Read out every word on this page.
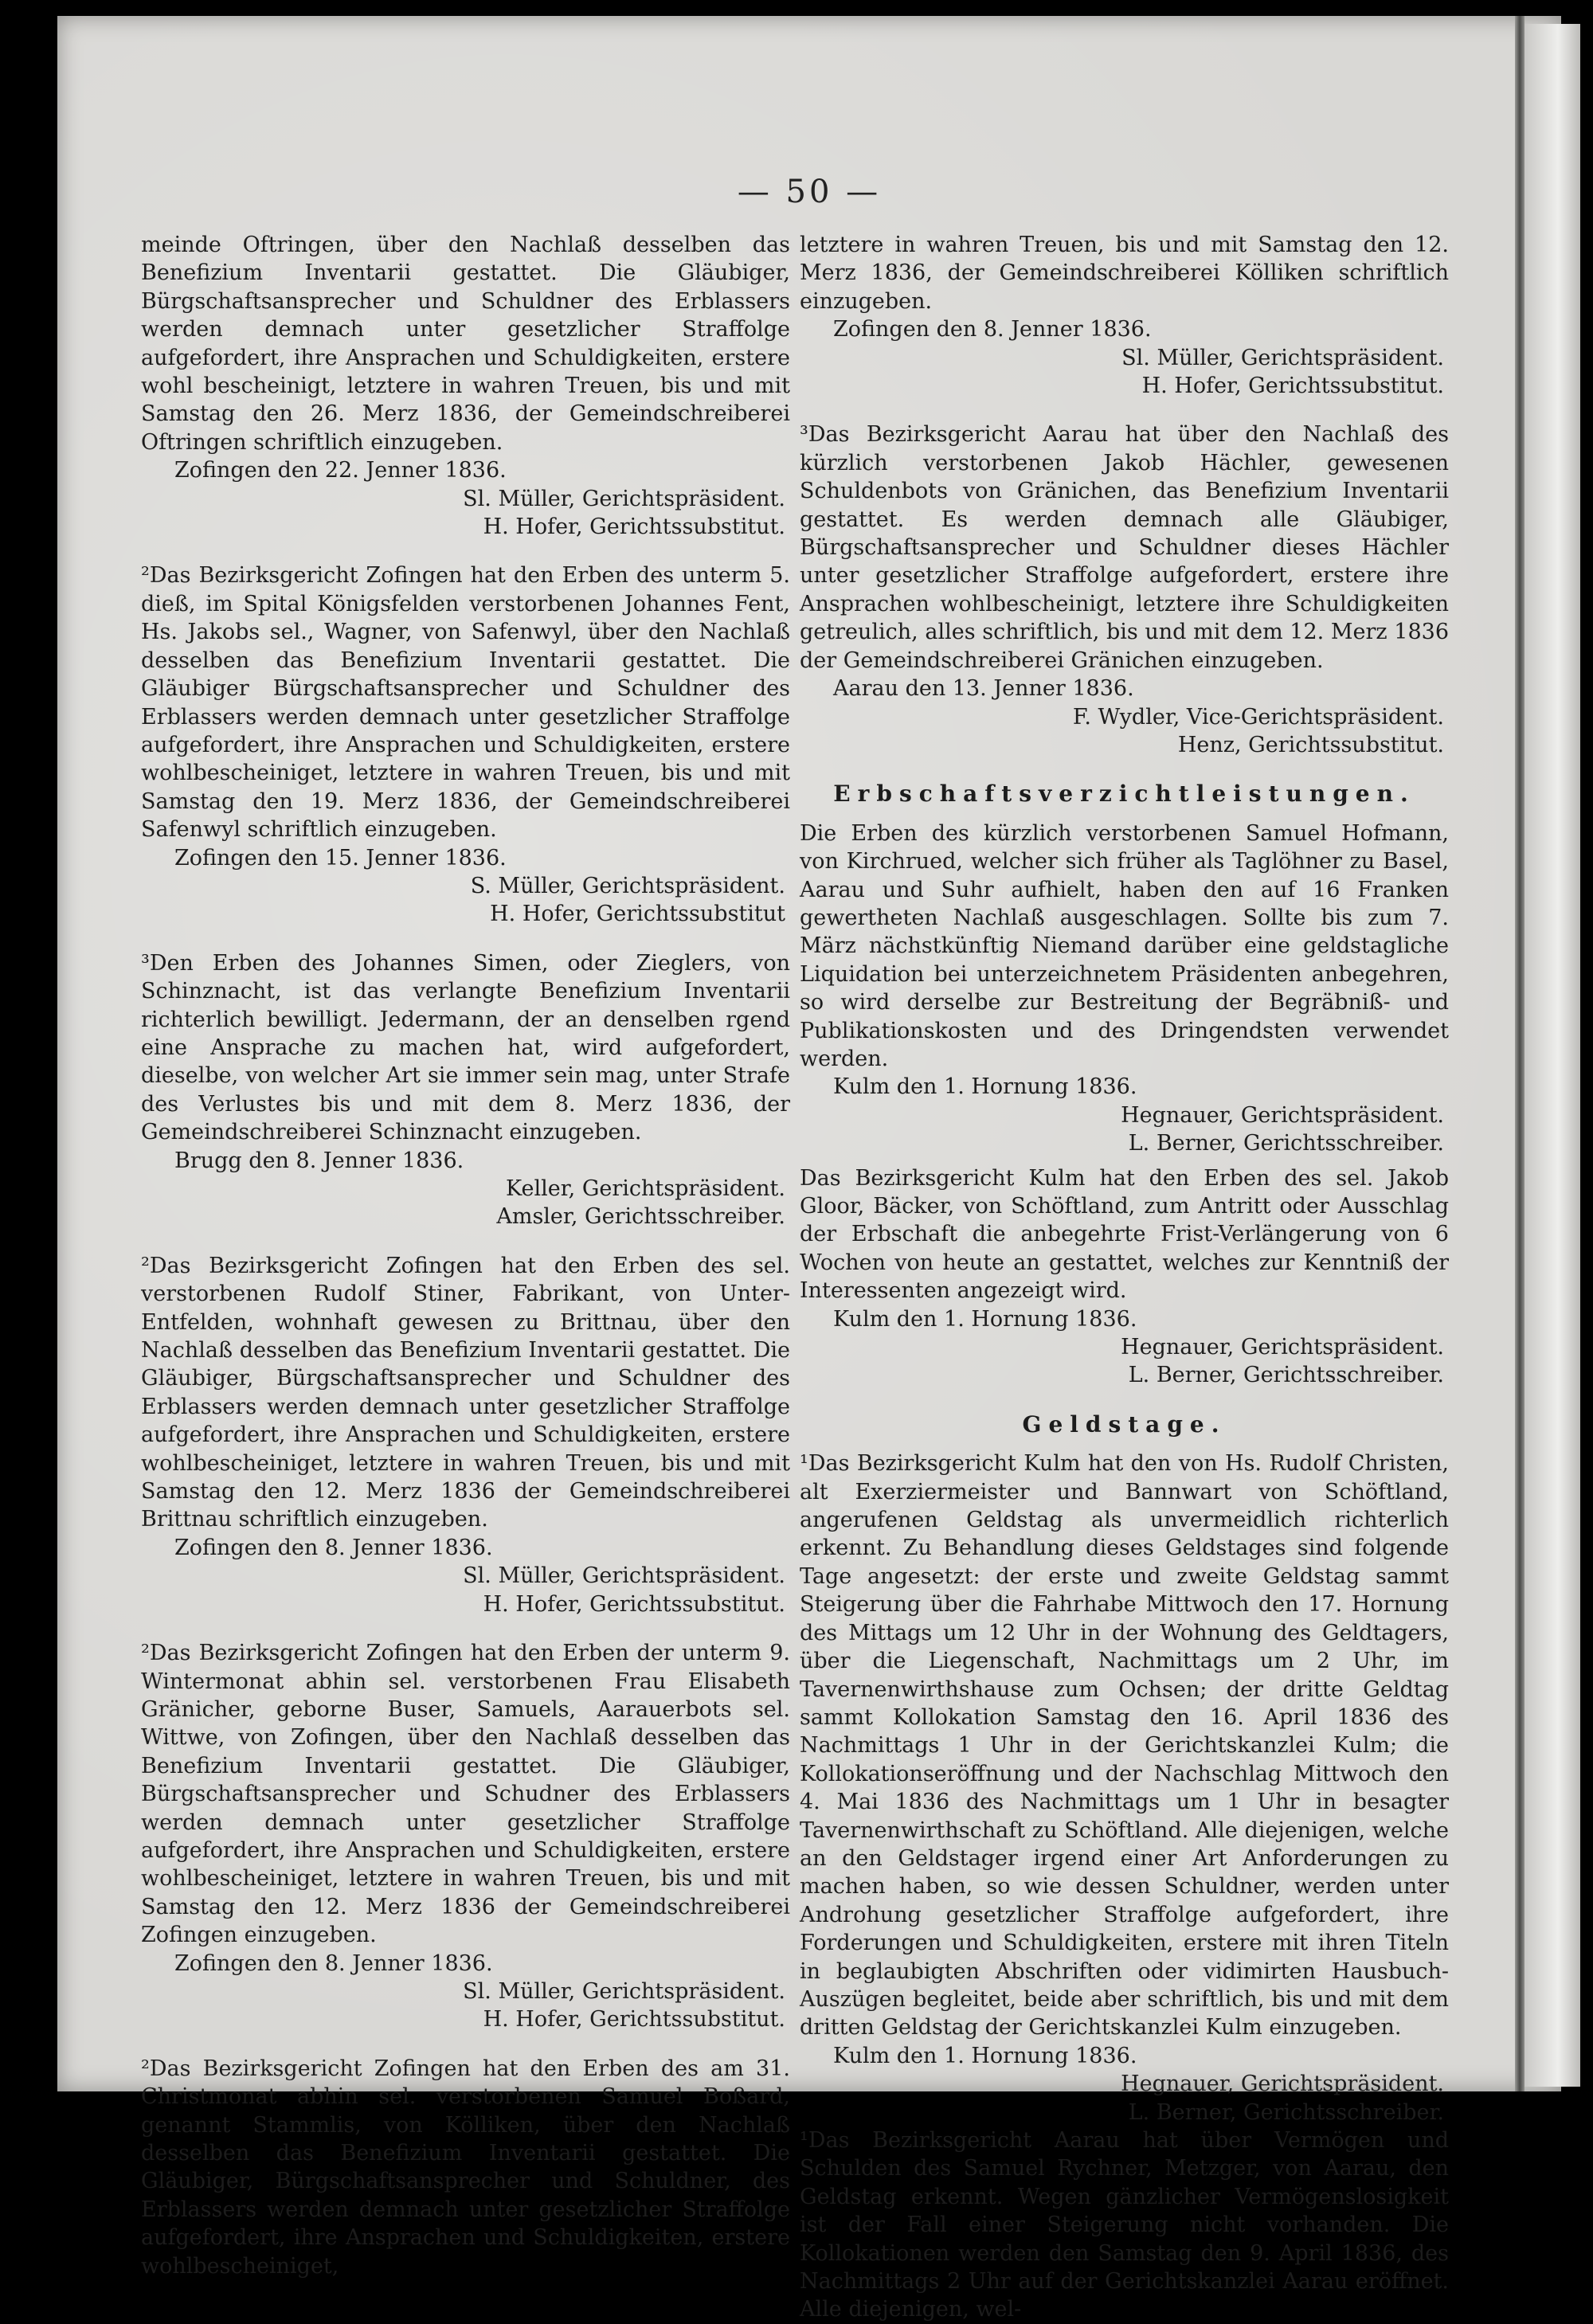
— 50 —

meinde Oftringen, über den Nachlaß desselben das Benefizium Inventarii gestattet. Die Gläubiger, Bürgschaftsansprecher und Schuldner des Erblassers werden demnach unter gesetzlicher Straffolge aufgefordert, ihre Ansprachen und Schuldigkeiten, erstere wohl bescheinigt, letztere in wahren Treuen, bis und mit Samstag den 26. Merz 1836, der Gemeindschreiberei Oftringen schriftlich einzugeben.

Zofingen den 22. Jenner 1836.

Sl. Müller, Gerichtspräsident.

H. Hofer, Gerichtssubstitut.

²Das Bezirksgericht Zofingen hat den Erben des unterm 5. dieß, im Spital Königsfelden verstorbenen Johannes Fent, Hs. Jakobs sel., Wagner, von Safenwyl, über den Nachlaß desselben das Benefizium Inventarii gestattet. Die Gläubiger Bürgschaftsansprecher und Schuldner des Erblassers werden demnach unter gesetzlicher Straffolge aufgefordert, ihre Ansprachen und Schuldigkeiten, erstere wohlbescheiniget, letztere in wahren Treuen, bis und mit Samstag den 19. Merz 1836, der Gemeindschreiberei Safenwyl schriftlich einzugeben.

Zofingen den 15. Jenner 1836.

S. Müller, Gerichtspräsident.

H. Hofer, Gerichtssubstitut

³Den Erben des Johannes Simen, oder Zieglers, von Schinznacht, ist das verlangte Benefizium Inventarii richterlich bewilligt. Jedermann, der an denselben rgend eine Ansprache zu machen hat, wird aufgefordert, dieselbe, von welcher Art sie immer sein mag, unter Strafe des Verlustes bis und mit dem 8. Merz 1836, der Gemeindschreiberei Schinznacht einzugeben.

Brugg den 8. Jenner 1836.

Keller, Gerichtspräsident.

Amsler, Gerichtsschreiber.

²Das Bezirksgericht Zofingen hat den Erben des sel. verstorbenen Rudolf Stiner, Fabrikant, von Unter-Entfelden, wohnhaft gewesen zu Brittnau, über den Nachlaß desselben das Benefizium Inventarii gestattet. Die Gläubiger, Bürgschaftsansprecher und Schuldner des Erblassers werden demnach unter gesetzlicher Straffolge aufgefordert, ihre Ansprachen und Schuldigkeiten, erstere wohlbescheiniget, letztere in wahren Treuen, bis und mit Samstag den 12. Merz 1836 der Gemeindschreiberei Brittnau schriftlich einzugeben.

Zofingen den 8. Jenner 1836.

Sl. Müller, Gerichtspräsident.

H. Hofer, Gerichtssubstitut.

²Das Bezirksgericht Zofingen hat den Erben der unterm 9. Wintermonat abhin sel. verstorbenen Frau Elisabeth Gränicher, geborne Buser, Samuels, Aarauerbots sel. Wittwe, von Zofingen, über den Nachlaß desselben das Benefizium Inventarii gestattet. Die Gläubiger, Bürgschaftsansprecher und Schudner des Erblassers werden demnach unter gesetzlicher Straffolge aufgefordert, ihre Ansprachen und Schuldigkeiten, erstere wohlbescheiniget, letztere in wahren Treuen, bis und mit Samstag den 12. Merz 1836 der Gemeindschreiberei Zofingen einzugeben.

Zofingen den 8. Jenner 1836.

Sl. Müller, Gerichtspräsident.

H. Hofer, Gerichtssubstitut.

²Das Bezirksgericht Zofingen hat den Erben des am 31. Christmonat abhin sel. verstorbenen Samuel Boßard, genannt Stammlis, von Kölliken, über den Nachlaß desselben das Benefizium Inventarii gestattet. Die Gläubiger, Bürgschaftsansprecher und Schuldner, des Erblassers werden demnach unter gesetzlicher Straffolge aufgefordert, ihre Ansprachen und Schuldigkeiten, erstere wohlbescheiniget,

letztere in wahren Treuen, bis und mit Samstag den 12. Merz 1836, der Gemeindschreiberei Kölliken schriftlich einzugeben.

Zofingen den 8. Jenner 1836.

Sl. Müller, Gerichtspräsident.

H. Hofer, Gerichtssubstitut.

³Das Bezirksgericht Aarau hat über den Nachlaß des kürzlich verstorbenen Jakob Hächler, gewesenen Schuldenbots von Gränichen, das Benefizium Inventarii gestattet. Es werden demnach alle Gläubiger, Bürgschaftsansprecher und Schuldner dieses Hächler unter gesetzlicher Straffolge aufgefordert, erstere ihre Ansprachen wohlbescheinigt, letztere ihre Schuldigkeiten getreulich, alles schriftlich, bis und mit dem 12. Merz 1836 der Gemeindschreiberei Gränichen einzugeben.

Aarau den 13. Jenner 1836.

F. Wydler, Vice-Gerichtspräsident.

Henz, Gerichtssubstitut.

Erbschaftsverzichtleistungen.

Die Erben des kürzlich verstorbenen Samuel Hofmann, von Kirchrued, welcher sich früher als Taglöhner zu Basel, Aarau und Suhr aufhielt, haben den auf 16 Franken gewertheten Nachlaß ausgeschlagen. Sollte bis zum 7. März nächstkünftig Niemand darüber eine geldstagliche Liquidation bei unterzeichnetem Präsidenten anbegehren, so wird derselbe zur Bestreitung der Begräbniß- und Publikationskosten und des Dringendsten verwendet werden.

Kulm den 1. Hornung 1836.

Hegnauer, Gerichtspräsident.

L. Berner, Gerichtsschreiber.

Das Bezirksgericht Kulm hat den Erben des sel. Jakob Gloor, Bäcker, von Schöftland, zum Antritt oder Ausschlag der Erbschaft die anbegehrte Frist-Verlängerung von 6 Wochen von heute an gestattet, welches zur Kenntniß der Interessenten angezeigt wird.

Kulm den 1. Hornung 1836.

Hegnauer, Gerichtspräsident.

L. Berner, Gerichtsschreiber.

Geldstage.

¹Das Bezirksgericht Kulm hat den von Hs. Rudolf Christen, alt Exerziermeister und Bannwart von Schöftland, angerufenen Geldstag als unvermeidlich richterlich erkennt. Zu Behandlung dieses Geldstages sind folgende Tage angesetzt: der erste und zweite Geldstag sammt Steigerung über die Fahrhabe Mittwoch den 17. Hornung des Mittags um 12 Uhr in der Wohnung des Geldtagers, über die Liegenschaft, Nachmittags um 2 Uhr, im Tavernenwirthshause zum Ochsen; der dritte Geldtag sammt Kollokation Samstag den 16. April 1836 des Nachmittags 1 Uhr in der Gerichtskanzlei Kulm; die Kollokationseröffnung und der Nachschlag Mittwoch den 4. Mai 1836 des Nachmittags um 1 Uhr in besagter Tavernenwirthschaft zu Schöftland. Alle diejenigen, welche an den Geldstager irgend einer Art Anforderungen zu machen haben, so wie dessen Schuldner, werden unter Androhung gesetzlicher Straffolge aufgefordert, ihre Forderungen und Schuldigkeiten, erstere mit ihren Titeln in beglaubigten Abschriften oder vidimirten Hausbuch-Auszügen begleitet, beide aber schriftlich, bis und mit dem dritten Geldstag der Gerichtskanzlei Kulm einzugeben.

Kulm den 1. Hornung 1836.

Hegnauer, Gerichtspräsident.

L. Berner, Gerichtsschreiber.

¹Das Bezirksgericht Aarau hat über Vermögen und Schulden des Samuel Rychner, Metzger, von Aarau, den Geldstag erkennt. Wegen gänzlicher Vermögenslosigkeit ist der Fall einer Steigerung nicht vorhanden. Die Kollokationen werden den Samstag den 9. April 1836, des Nachmittags 2 Uhr auf der Gerichtskanzlei Aarau eröffnet. Alle diejenigen, wel-
